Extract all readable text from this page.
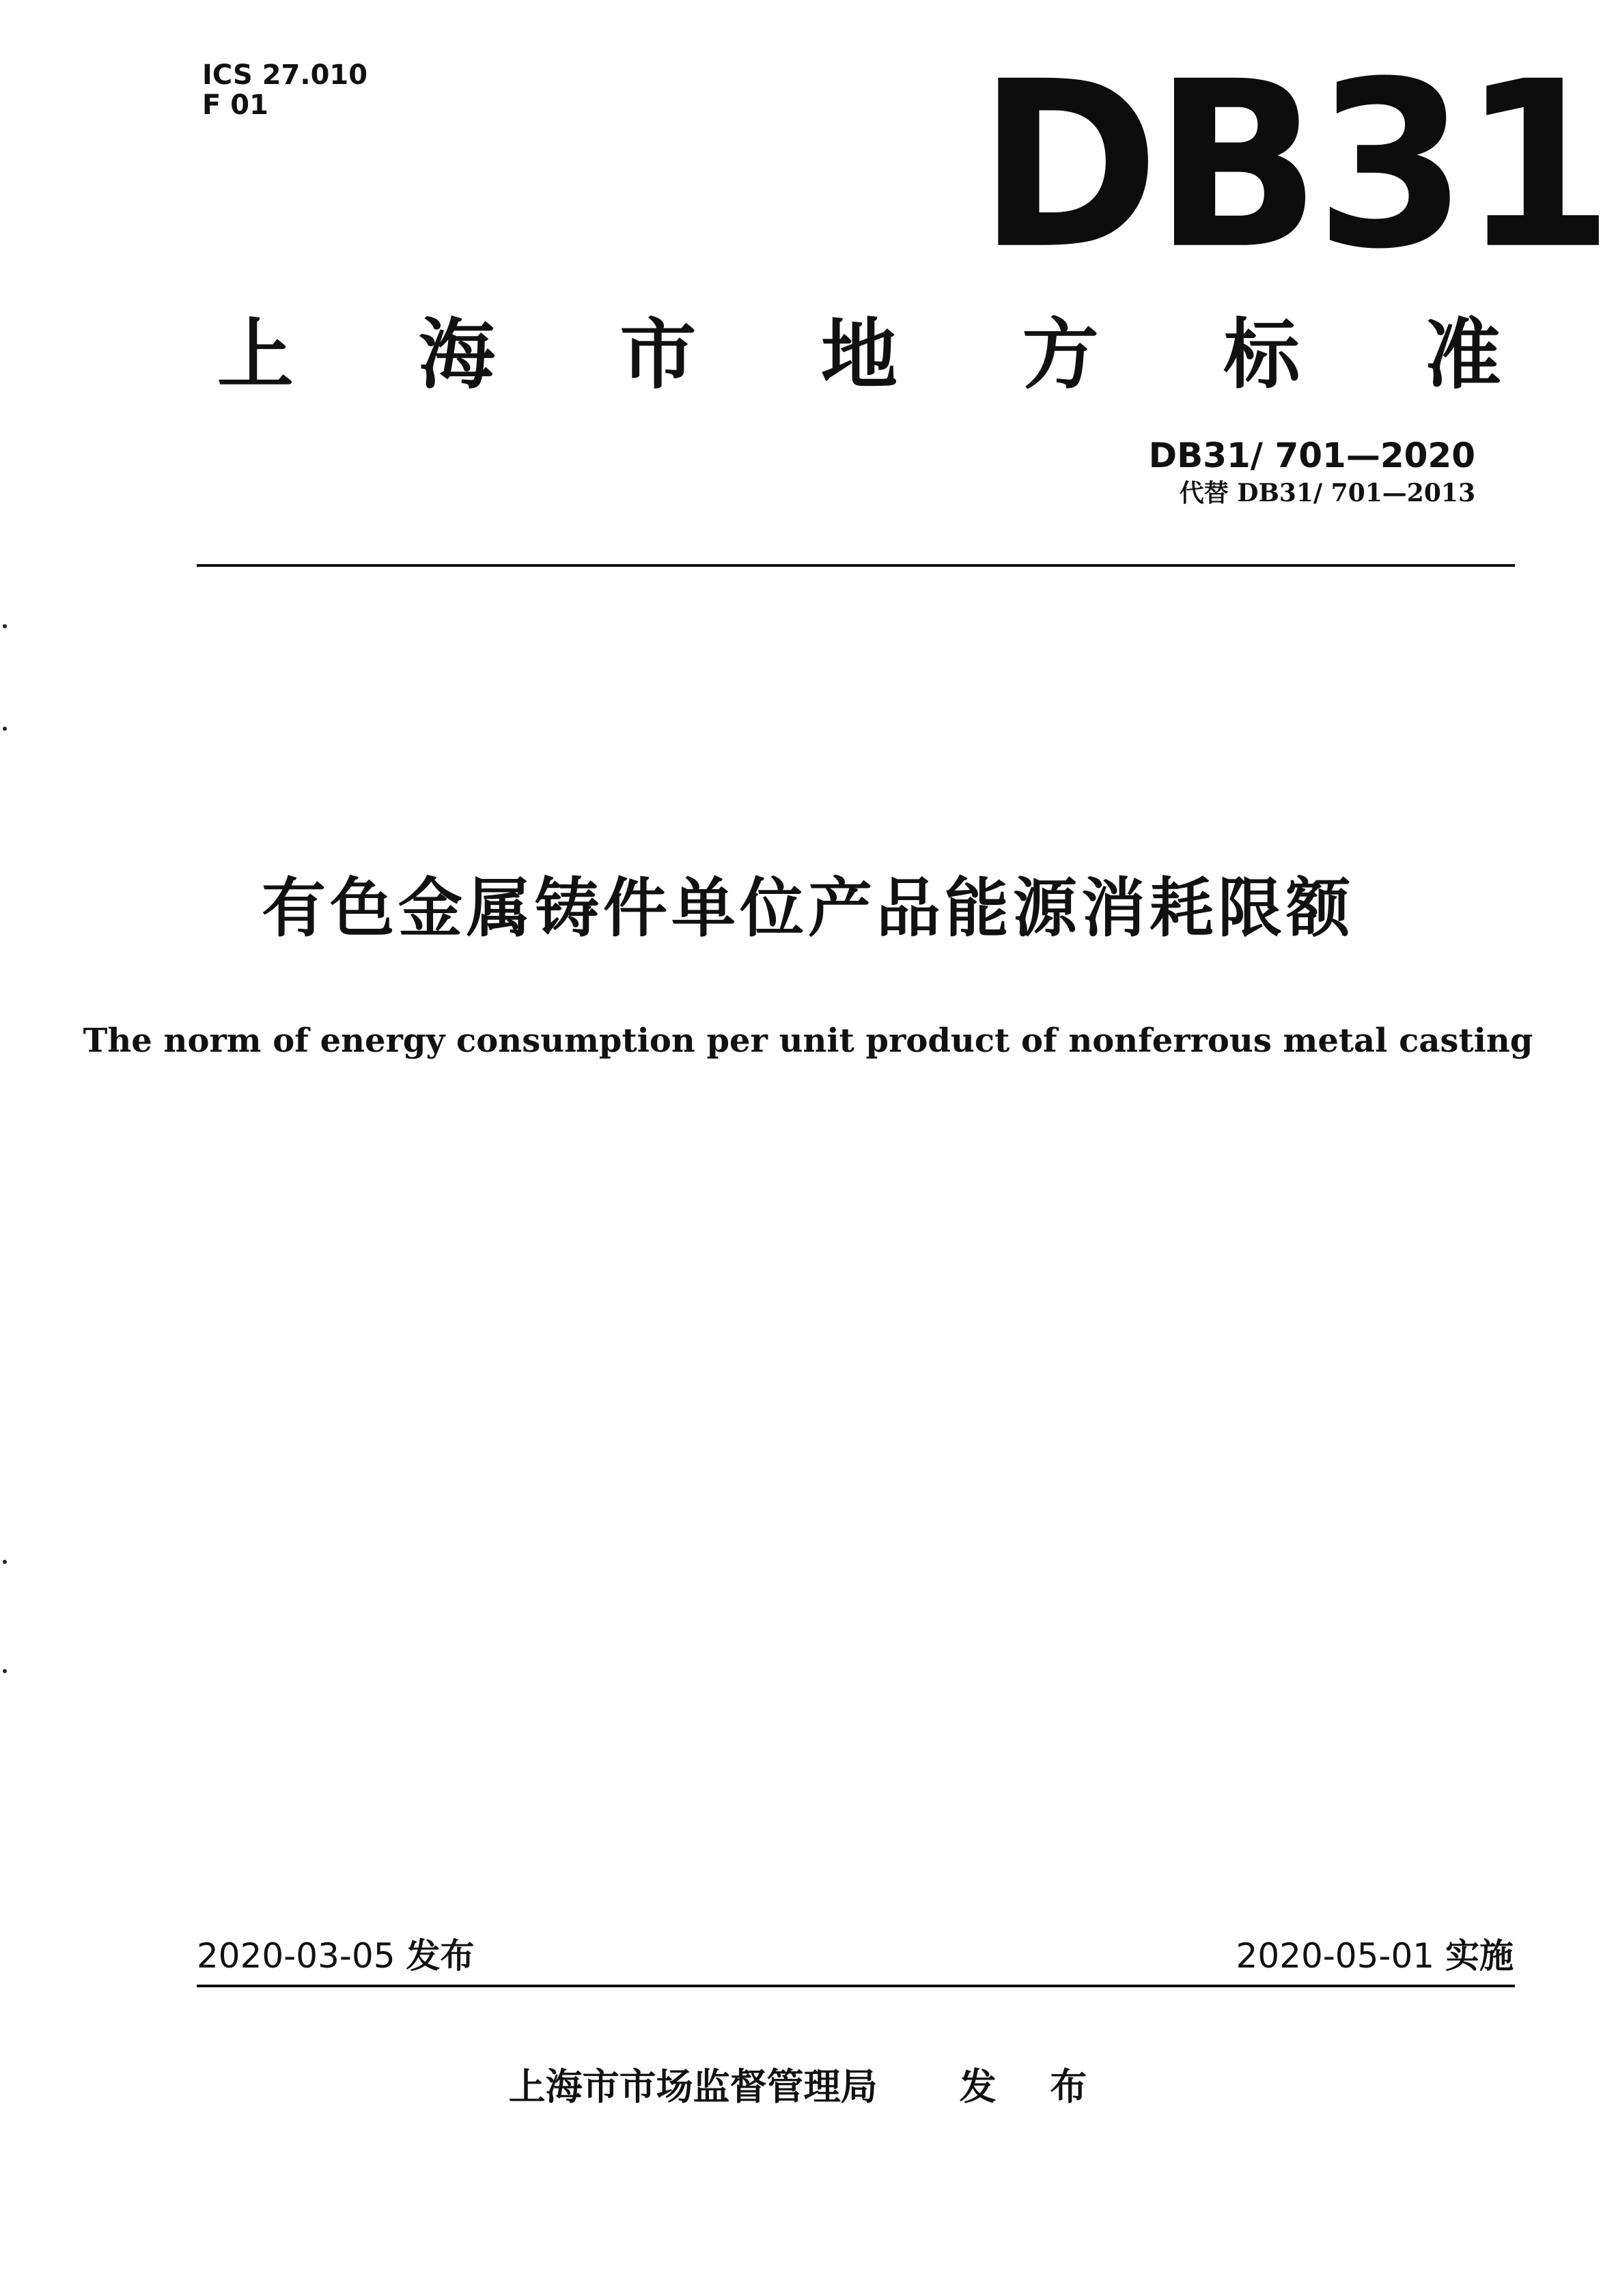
ICS 27.010
F 01	DB31
上 海 市 地 方 标 准
DB31/ 701—2020
代替 DB31/ 701—2013
有色金属铸件单位产品能源消耗限额
The norm of energy consumption per unit product of nonferrous metal casting
2020-03-05 发布	2020-05-01 实施
上海市市场监督管理局 发 布
